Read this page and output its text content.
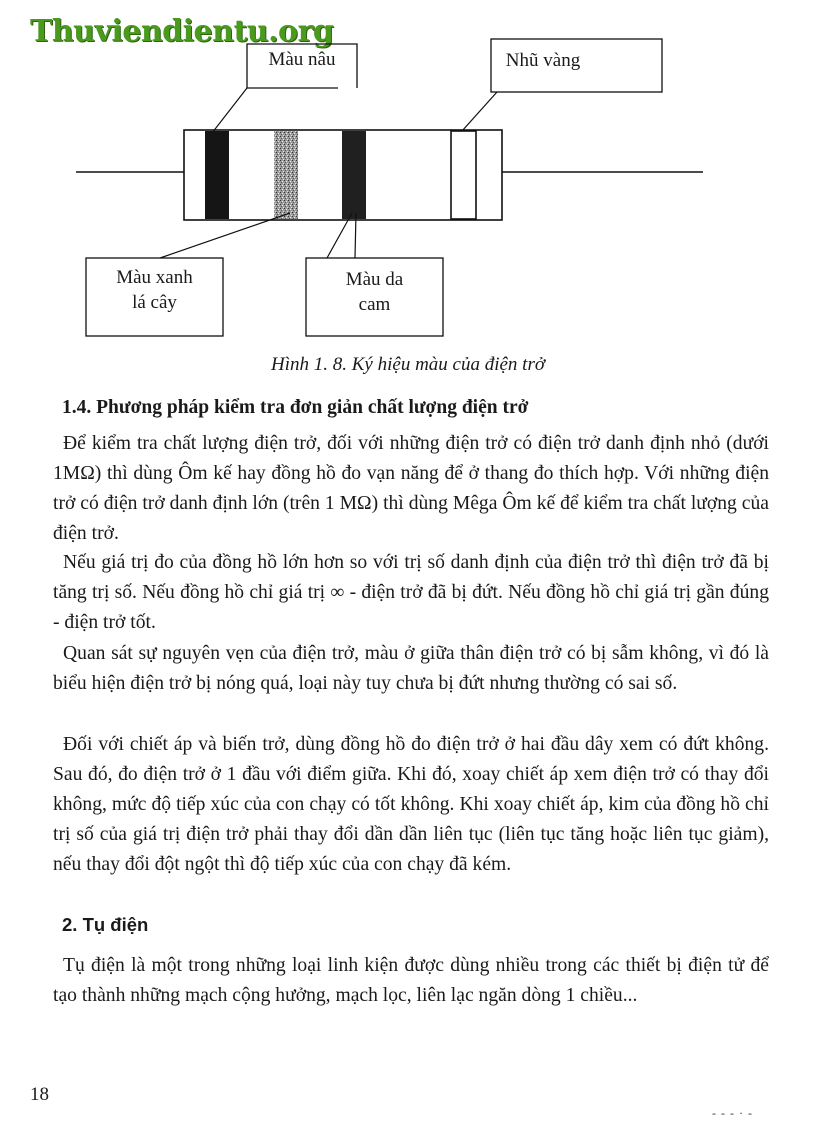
Thuviendientu.org
Màu nâu	Nhũ vàng
Màu xanh
lá cây
Màu da
cam
Hình 1. 8. Ký hiệu màu của điện trở
1.4. Phương pháp kiểm tra đơn giản chất lượng điện trở
Để kiểm tra chất lượng điện trở, đối với những điện trở có điện trở danh định nhỏ (dưới 1MΩ) thì dùng Ôm kế hay đồng hồ đo vạn năng để ở thang đo thích hợp. Với những điện trở có điện trở danh định lớn (trên 1 MΩ) thì dùng Mêga Ôm kế để kiểm tra chất lượng của điện trở.
Nếu giá trị đo của đồng hồ lớn hơn so với trị số danh định của điện trở thì điện trở đã bị tăng trị số. Nếu đồng hồ chỉ giá trị ∞ - điện trở đã bị đứt. Nếu đồng hồ chỉ giá trị gần đúng - điện trở tốt.
Quan sát sự nguyên vẹn của điện trở, màu ở giữa thân điện trở có bị sẫm không, vì đó là biểu hiện điện trở bị nóng quá, loại này tuy chưa bị đứt nhưng thường có sai số.
Đối với chiết áp và biến trở, dùng đồng hồ đo điện trở ở hai đầu dây xem có đứt không. Sau đó, đo điện trở ở 1 đầu với điểm giữa. Khi đó, xoay chiết áp xem điện trở có thay đổi không, mức độ tiếp xúc của con chạy có tốt không. Khi xoay chiết áp, kim của đồng hồ chỉ trị số của giá trị điện trở phải thay đổi dần dần liên tục (liên tục tăng hoặc liên tục giảm), nếu thay đổi đột ngột thì độ tiếp xúc của con chạy đã kém.
2. Tụ điện
Tụ điện là một trong những loại linh kiện được dùng nhiều trong các thiết bị điện tử để tạo thành những mạch cộng hưởng, mạch lọc, liên lạc ngăn dòng 1 chiều...
18
- - - · -
